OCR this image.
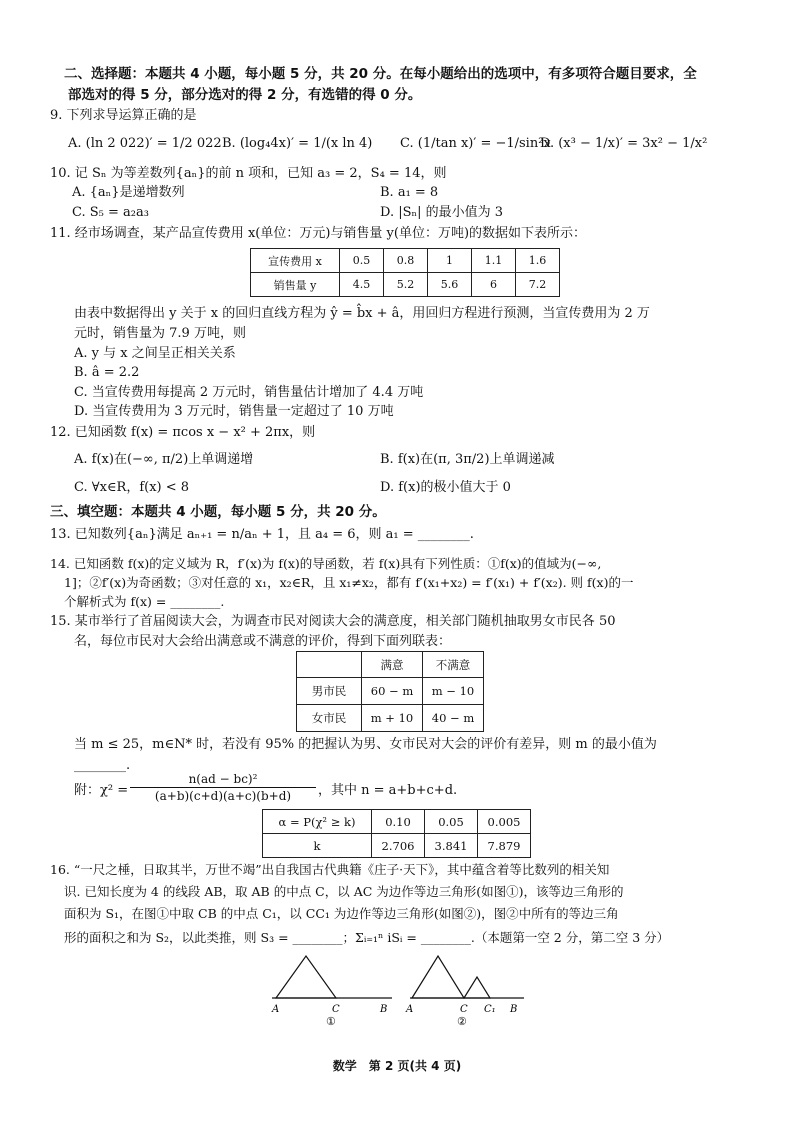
二、选择题：本题共 4 小题，每小题 5 分，共 20 分。在每小题给出的选项中，有多项符合题目要求，全
部选对的得 5 分，部分选对的得 2 分，有选错的得 0 分。
9. 下列求导运算正确的是
A. (ln 2 022)′ = 1/2 022 B. (log₄4x)′ = 1/(x ln 4) C. (1/tan x)′ = −1/sin²x
D. (x³ − 1/x)′ = 3x² − 1/x²
10. 记 Sₙ 为等差数列{aₙ}的前 n 项和，已知 a₃ = 2，S₄ = 14，则
A. {aₙ}是递增数列	B. a₁ = 8
C. S₅ = a₂a₃	D. |Sₙ| 的最小值为 3
11. 经市场调查，某产品宣传费用 x(单位：万元)与销售量 y(单位：万吨)的数据如下表所示：
宣传费用 x	0.5	0.8	1	1.1	1.6
销售量 y	4.5	5.2	5.6	6	7.2
由表中数据得出 y 关于 x 的回归直线方程为 ŷ = b̂x + â，用回归方程进行预测，当宣传费用为 2 万
元时，销售量为 7.9 万吨，则
A. y 与 x 之间呈正相关关系
B. â = 2.2
C. 当宣传费用每提高 2 万元时，销售量估计增加了 4.4 万吨
D. 当宣传费用为 3 万元时，销售量一定超过了 10 万吨
12. 已知函数 f(x) = πcos x − x² + 2πx，则
A. f(x)在(−∞, π/2)上单调递增	B. f(x)在(π, 3π/2)上单调递减
C. ∀x∈R，f(x) < 8	D. f(x)的极小值大于 0
三、填空题：本题共 4 小题，每小题 5 分，共 20 分。
13. 已知数列{aₙ}满足 aₙ₊₁ = n/aₙ + 1，且 a₄ = 6，则 a₁ = ________.
14. 已知函数 f(x)的定义域为 R，f′(x)为 f(x)的导函数，若 f(x)具有下列性质：①f(x)的值域为(−∞,
1]；②f′(x)为奇函数；③对任意的 x₁，x₂∈R，且 x₁≠x₂，都有 f′(x₁+x₂) = f′(x₁) + f′(x₂). 则 f(x)的一
个解析式为 f(x) = ________.
15. 某市举行了首届阅读大会，为调查市民对阅读大会的满意度，相关部门随机抽取男女市民各 50
名，每位市民对大会给出满意或不满意的评价，得到下面列联表：
	满意	不满意
男市民	60 − m	m − 10
女市民	m + 10	40 − m
当 m ≤ 25，m∈N* 时，若没有 95% 的把握认为男、女市民对大会的评价有差异，则 m 的最小值为
________.
附：$\chi^2 = \frac{\text{n(ad − bc)²}}{(a+b)(c+d)(a+c)(b+d)}$ ，其中 n = a+b+c+d.
α = P(χ² ≥ k)	0.10	0.05	0.005
k	2.706	3.841	7.879
16. “一尺之棰，日取其半，万世不竭”出自我国古代典籍《庄子·天下》，其中蕴含着等比数列的相关知
识. 已知长度为 4 的线段 AB，取 AB 的中点 C，以 AC 为边作等边三角形(如图①)，该等边三角形的
面积为 S₁，在图①中取 CB 的中点 C₁，以 CC₁ 为边作等边三角形(如图②)，图②中所有的等边三角
形的面积之和为 S₂，以此类推，则 S₃ = ________；Σᵢ₌₁ⁿ iSᵢ = ________.（本题第一空 2 分，第二空 3 分）
A	C	B
①
A	C C₁ B
②
数学　第 2 页(共 4 页)
